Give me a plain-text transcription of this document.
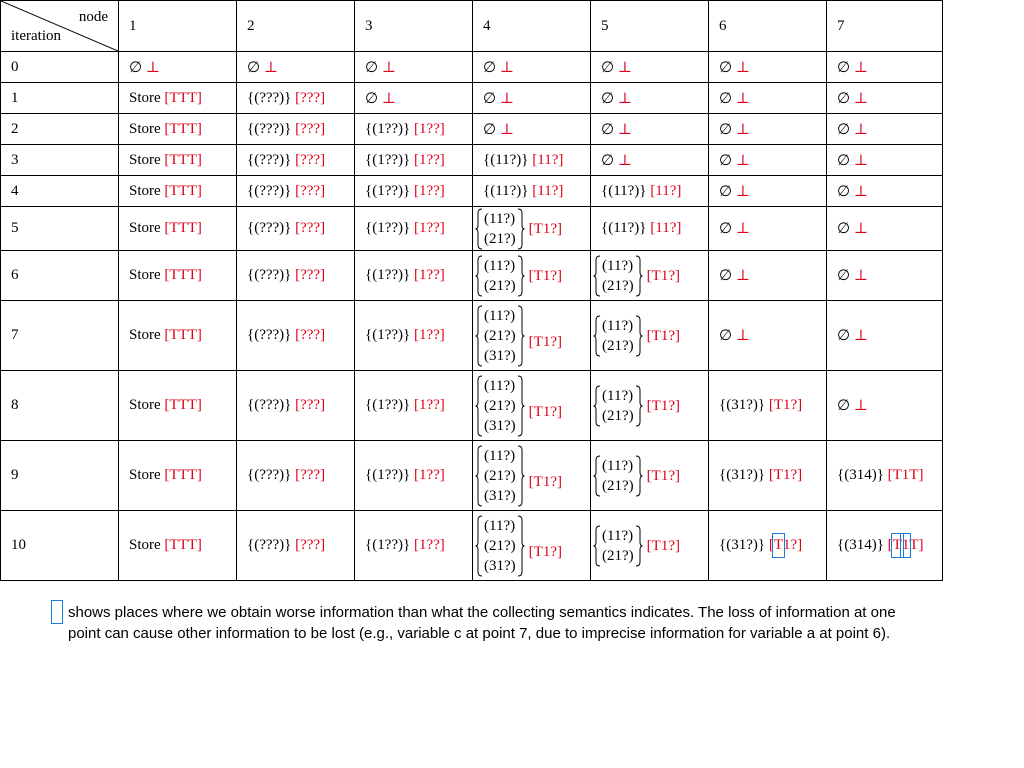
node
iteration	1	2	3	4	5	6	7
0	∅ ⊥	∅ ⊥	∅ ⊥	∅ ⊥	∅ ⊥	∅ ⊥	∅ ⊥
1	Store [TTT]	{(???)} [???]	∅ ⊥	∅ ⊥	∅ ⊥	∅ ⊥	∅ ⊥
2	Store [TTT]	{(???)} [???]	{(1??)} [1??]	∅ ⊥	∅ ⊥	∅ ⊥	∅ ⊥
3	Store [TTT]	{(???)} [???]	{(1??)} [1??]	{(11?)} [11?]	∅ ⊥	∅ ⊥	∅ ⊥
4	Store [TTT]	{(???)} [???]	{(1??)} [1??]	{(11?)} [11?]	{(11?)} [11?]	∅ ⊥	∅ ⊥
5	Store [TTT]	{(???)} [???]	{(1??)} [1??]	(11?)
(21?)
[T1?]	{(11?)} [11?]	∅ ⊥	∅ ⊥
6	Store [TTT]	{(???)} [???]	{(1??)} [1??]	(11?)
(21?)
[T1?]	(11?)
(21?)
[T1?]	∅ ⊥	∅ ⊥
7	Store [TTT]	{(???)} [???]	{(1??)} [1??]	(11?)
(21?)
(31?)
[T1?]	(11?)
(21?)
[T1?]	∅ ⊥	∅ ⊥
8	Store [TTT]	{(???)} [???]	{(1??)} [1??]	(11?)
(21?)
(31?)
[T1?]	(11?)
(21?)
[T1?]	{(31?)} [T1?]	∅ ⊥
9	Store [TTT]	{(???)} [???]	{(1??)} [1??]	(11?)
(21?)
(31?)
[T1?]	(11?)
(21?)
[T1?]	{(31?)} [T1?]	{(314)} [T1T]
10	Store [TTT]	{(???)} [???]	{(1??)} [1??]	(11?)
(21?)
(31?)
[T1?]	(11?)
(21?)
[T1?]	{(31?)} [T1?]	{(314)} [T1T]
shows places where we obtain worse information than what the collecting semantics indicates. The loss of information at one point can cause other information to be lost (e.g., variable c at point 7, due to imprecise information for variable a at point 6).
